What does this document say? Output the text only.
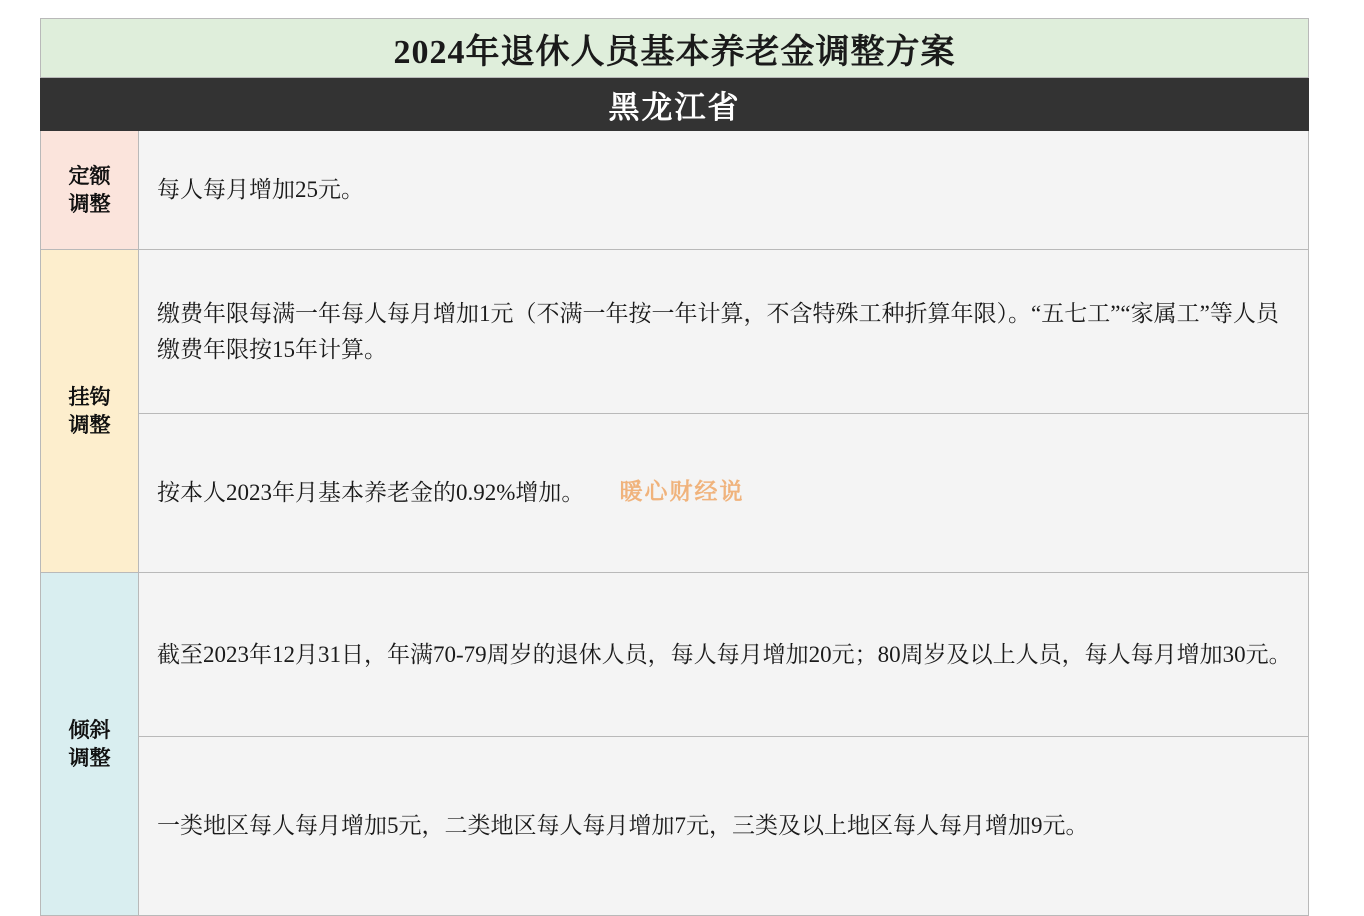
2024年退休人员基本养老金调整方案	
黑龙江省	

定额
调整	每人每月增加25元。

挂钩
调整	缴费年限每满一年每人每月增加1元（不满一年按一年计算，不含特殊工种折算年限）。“五七工”“家属工”等人员缴费年限按15年计算。
	按本人2023年月基本养老金的0.92%增加。

倾斜
调整	截至2023年12月31日，年满70-79周岁的退休人员，每人每月增加20元；80周岁及以上人员，每人每月增加30元。
	一类地区每人每月增加5元，二类地区每人每月增加7元，三类及以上地区每人每月增加9元。
暖心财经说
